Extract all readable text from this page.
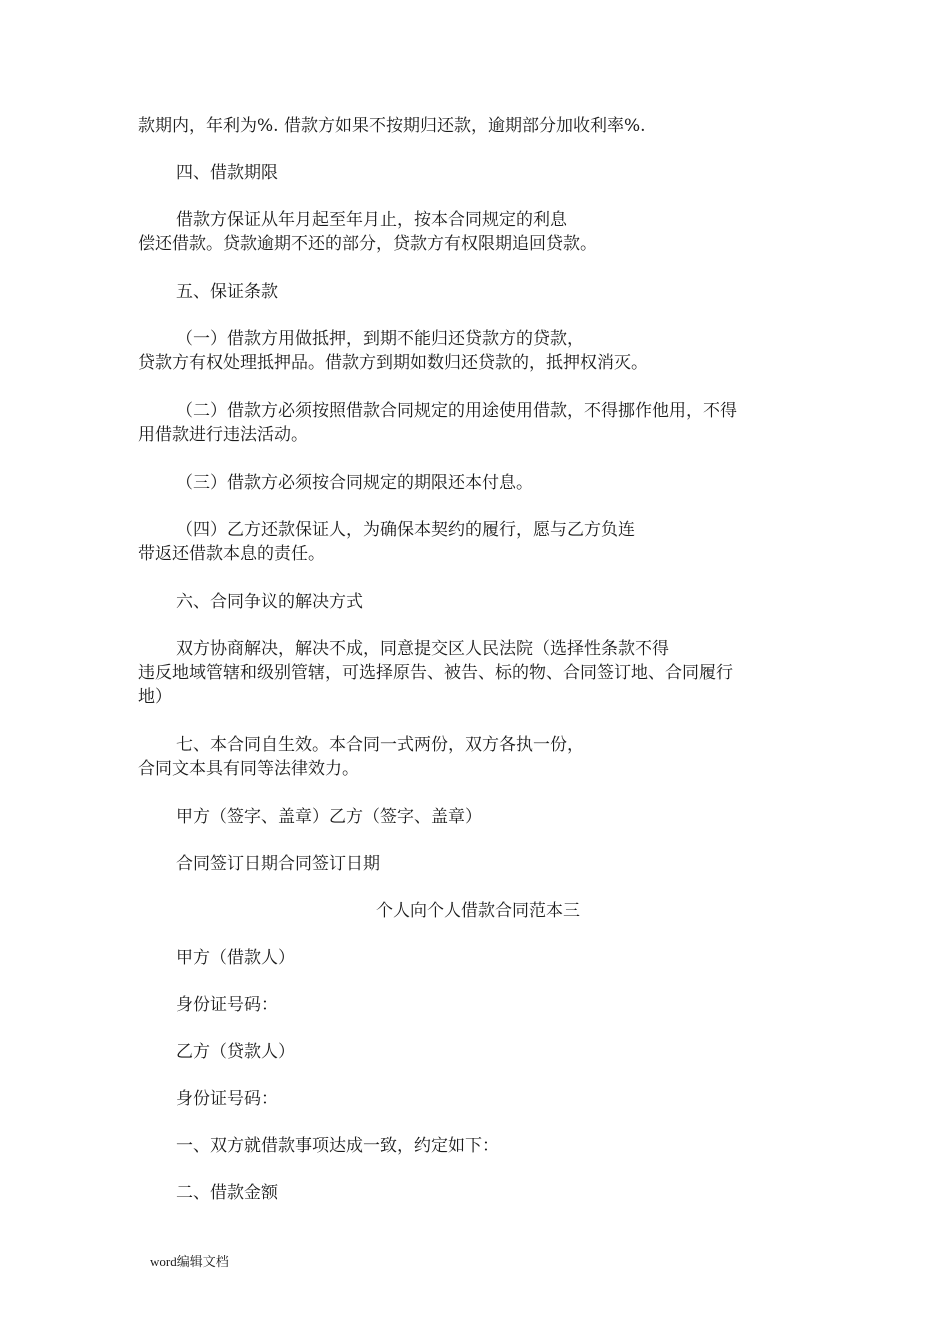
款期内，年利为%. 借款方如果不按期归还款，逾期部分加收利率%.

四、借款期限

借款方保证从年月起至年月止，按本合同规定的利息
偿还借款。贷款逾期不还的部分，贷款方有权限期追回贷款。

五、保证条款

（一）借款方用做抵押，到期不能归还贷款方的贷款，
贷款方有权处理抵押品。借款方到期如数归还贷款的，抵押权消灭。

（二）借款方必须按照借款合同规定的用途使用借款，不得挪作他用，不得
用借款进行违法活动。

（三）借款方必须按合同规定的期限还本付息。

（四）乙方还款保证人，为确保本契约的履行，愿与乙方负连
带返还借款本息的责任。

六、合同争议的解决方式

双方协商解决，解决不成，同意提交区人民法院（选择性条款不得
违反地域管辖和级别管辖，可选择原告、被告、标的物、合同签订地、合同履行
地）

七、本合同自生效。本合同一式两份，双方各执一份，
合同文本具有同等法律效力。

甲方（签字、盖章）乙方（签字、盖章）

合同签订日期合同签订日期

个人向个人借款合同范本三

甲方（借款人）

身份证号码：

乙方（贷款人）

身份证号码：

一、双方就借款事项达成一致，约定如下：

二、借款金额

word编辑文档
